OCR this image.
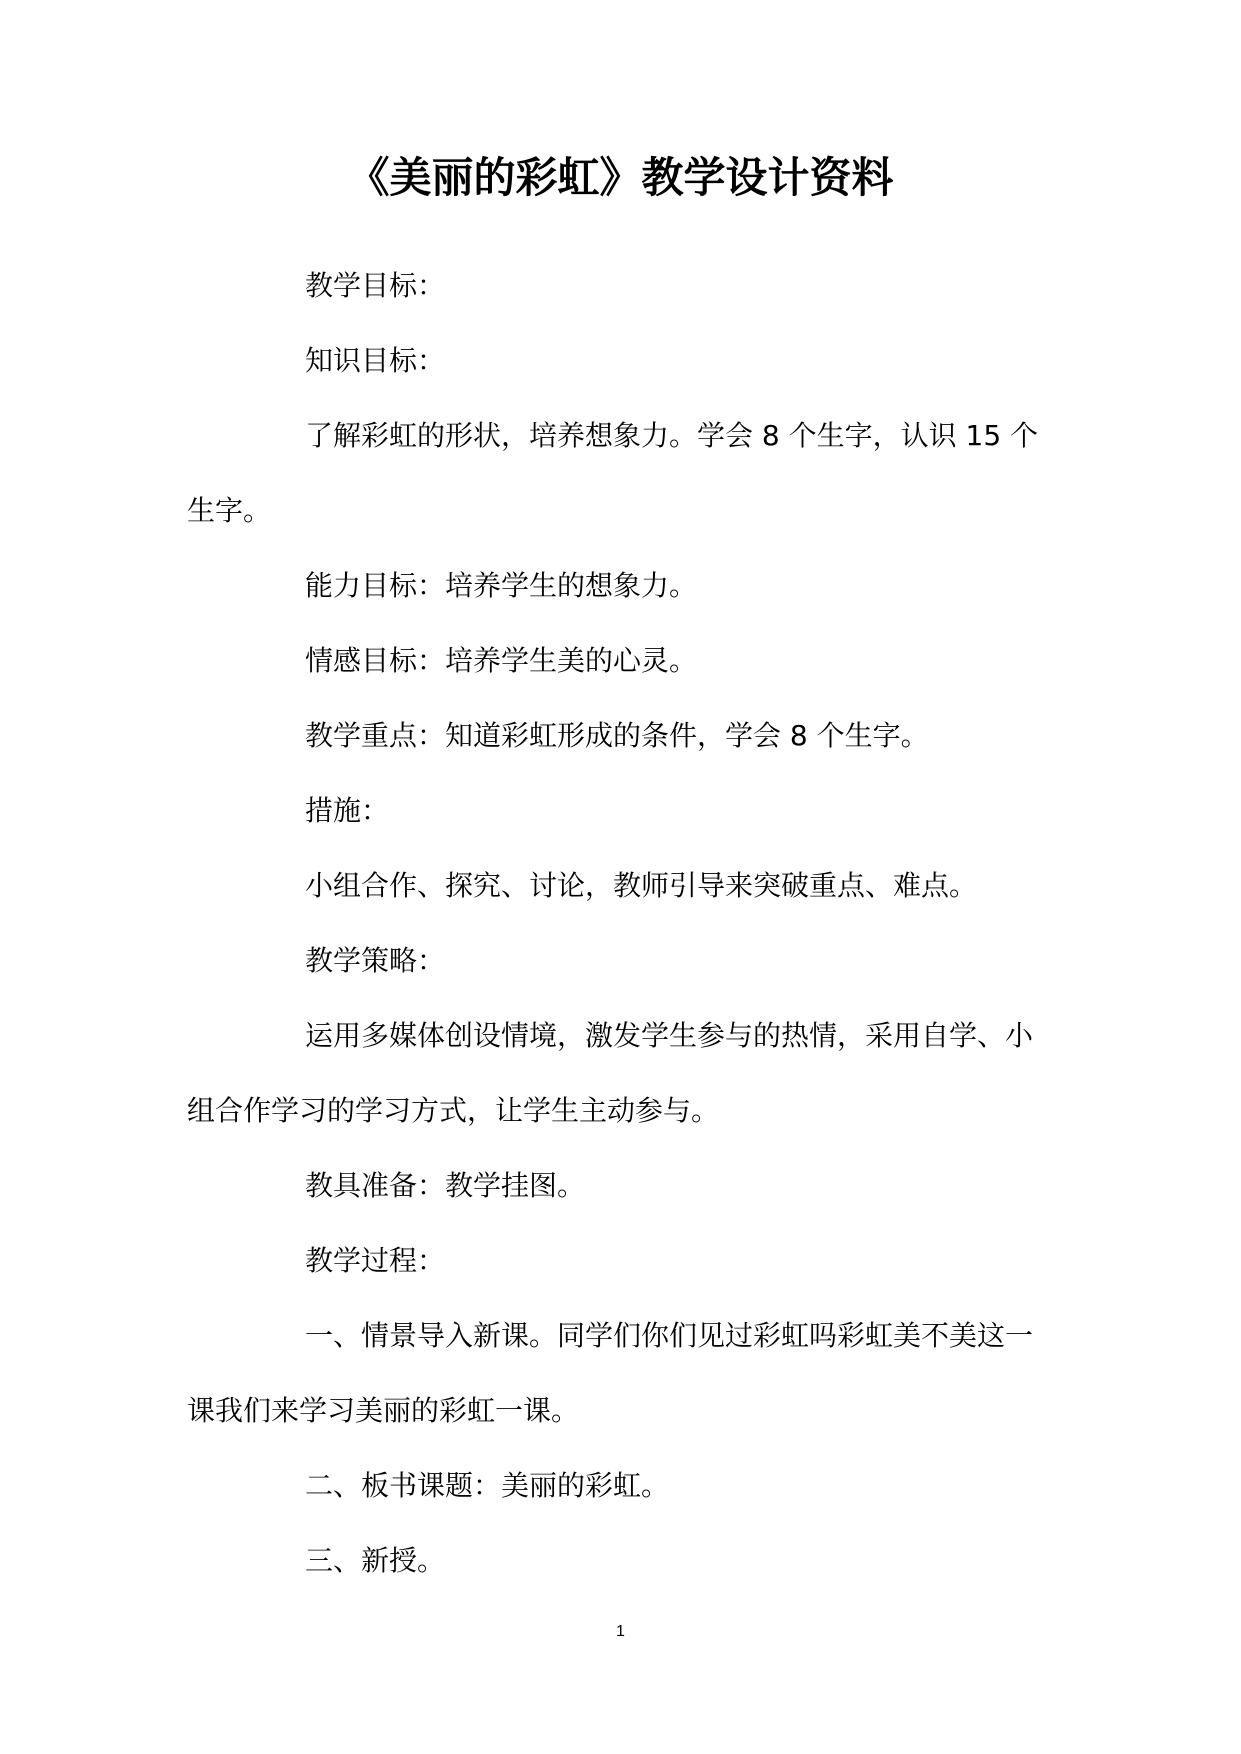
《美丽的彩虹》教学设计资料

教学目标：

知识目标：

了解彩虹的形状，培养想象力。学会 8 个生字，认识 15 个生字。

能力目标：培养学生的想象力。

情感目标：培养学生美的心灵。

教学重点：知道彩虹形成的条件，学会 8 个生字。

措施：

小组合作、探究、讨论，教师引导来突破重点、难点。

教学策略：

运用多媒体创设情境，激发学生参与的热情，采用自学、小组合作学习的学习方式，让学生主动参与。

教具准备：教学挂图。

教学过程：

一、情景导入新课。同学们你们见过彩虹吗彩虹美不美这一课我们来学习美丽的彩虹一课。

二、板书课题：美丽的彩虹。

三、新授。

1
